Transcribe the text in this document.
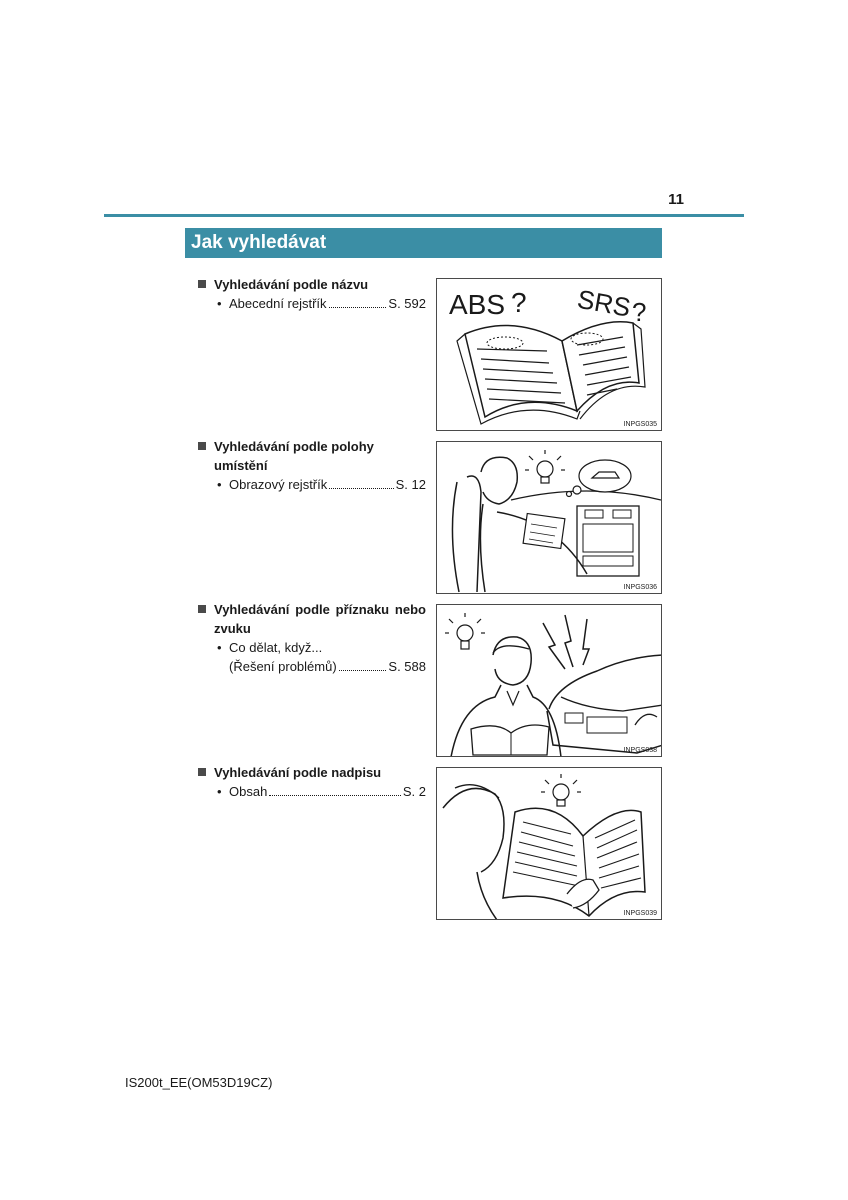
11
Jak vyhledávat
Vyhledávání podle názvu
• Abecední rejstřík	S. 592 ABS ? SRS ?
INPGS035
Vyhledávání podle polohy umístění
• Obrazový rejstřík	S. 12
INPGS036
Vyhledávání podle příznaku nebo
zvuku
• Co dělat, když...
(Řešení problémů)	S. 588
INPGS038
Vyhledávání podle nadpisu
• Obsah	S. 2
INPGS039
IS200t_EE(OM53D19CZ)
